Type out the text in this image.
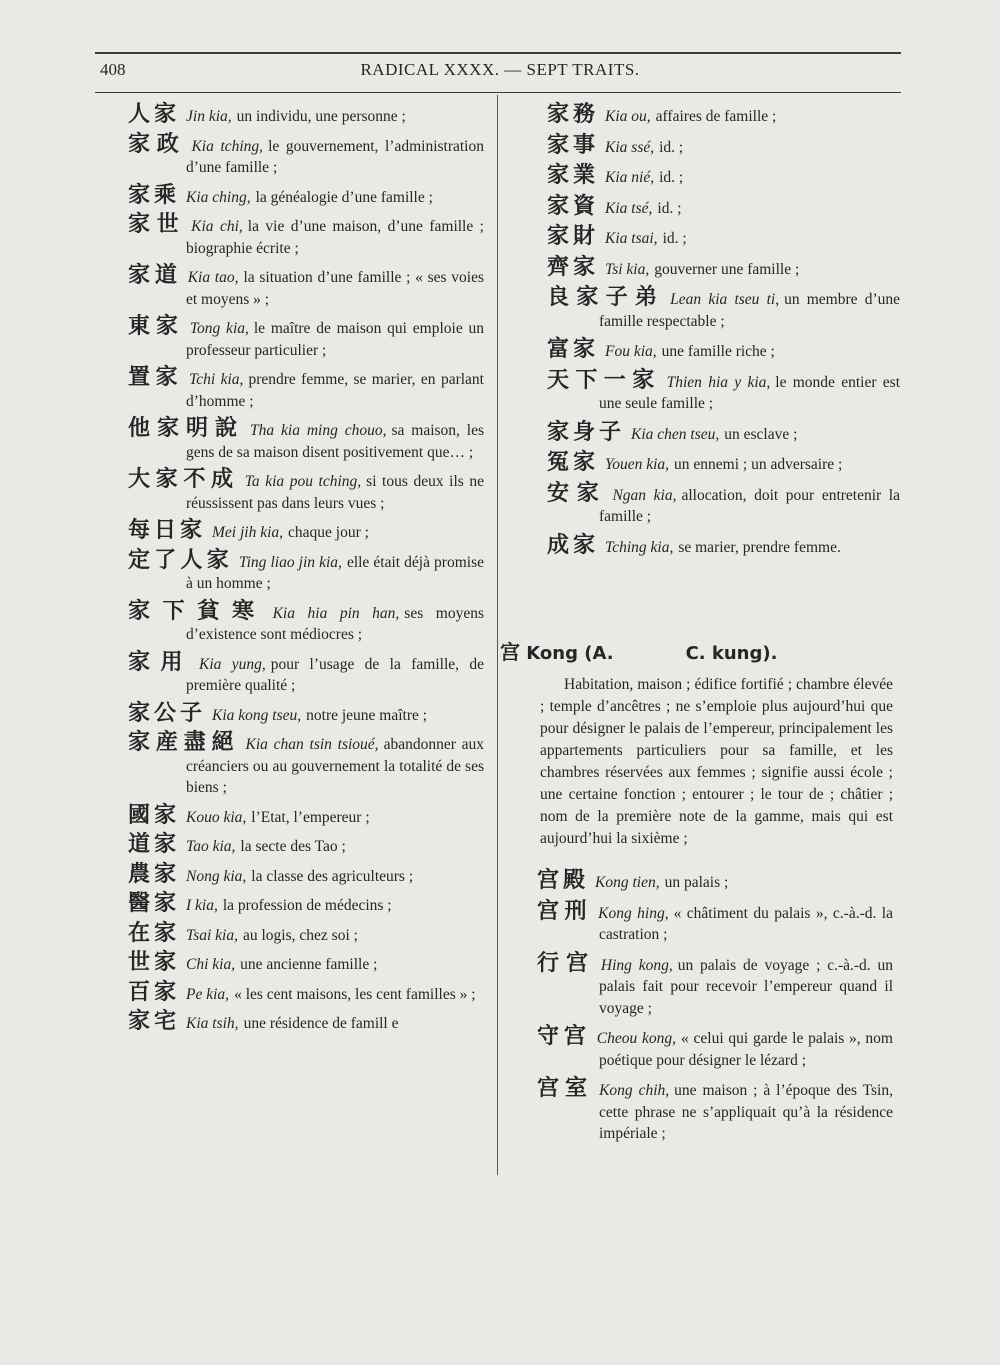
408	RADICAL XXXX. — SEPT TRAITS.
人家 Jin kia, un individu, une personne ;
家政 Kia tching, le gouvernement, l’administration d’une famille ;
家乘 Kia ching, la généalogie d’une famille ;
家世 Kia chi, la vie d’une maison, d’une famille ; biographie écrite ;
家道 Kia tao, la situation d’une famille ; « ses voies et moyens » ;
東家 Tong kia, le maître de maison qui emploie un professeur particulier ;
置家 Tchi kia, prendre femme, se marier, en parlant d’homme ;
他家明說 Tha kia ming chouo, sa maison, les gens de sa maison disent positivement que… ;
大家不成 Ta kia pou tching, si tous deux ils ne réussissent pas dans leurs vues ;
每日家 Mei jih kia, chaque jour ;
定了人家 Ting liao jin kia, elle était déjà promise à un homme ;
家下貧寒 Kia hia pin han, ses moyens d’existence sont médiocres ;
家用 Kia yung, pour l’usage de la famille, de première qualité ;
家公子 Kia kong tseu, notre jeune maître ;
家産盡絕 Kia chan tsin tsioué, abandonner aux créanciers ou au gouvernement la totalité de ses biens ;
國家 Kouo kia, l’Etat, l’empereur ;
道家 Tao kia, la secte des Tao ;
農家 Nong kia, la classe des agriculteurs ;
醫家 I kia, la profession de médecins ;
在家 Tsai kia, au logis, chez soi ;
世家 Chi kia, une ancienne famille ;
百家 Pe kia, « les cent maisons, les cent familles » ;
家宅 Kia tsih, une résidence de famill e
家務 Kia ou, affaires de famille ;
家事 Kia ssé, id. ;
家業 Kia nié, id. ;
家資 Kia tsé, id. ;
家財 Kia tsai, id. ;
齊家 Tsi kia, gouverner une famille ;
良家子弟 Lean kia tseu ti, un membre d’une famille respectable ;
富家 Fou kia, une famille riche ;
天下一家 Thien hia y kia, le monde entier est une seule famille ;
家身子 Kia chen tseu, un esclave ;
冤家 Youen kia, un ennemi ; un adversaire ;
安家 Ngan kia, allocation, doit pour entretenir la famille ;
成家 Tching kia, se marier, prendre femme.
宫 Kong (A.	C. kung).
Habitation, maison ; édifice fortifié ; chambre élevée ; temple d’ancêtres ; ne s’emploie plus aujourd’hui que pour désigner le palais de l’empereur, principalement les appartements particuliers pour sa famille, et les chambres réservées aux femmes ; signifie aussi école ; une certaine fonction ; entourer ; le tour de ; châtier ; nom de la première note de la gamme, mais qui est aujourd’hui la sixième ;
宫殿 Kong tien, un palais ;
宫刑 Kong hing, « châtiment du palais », c.-à.-d. la castration ;
行宫 Hing kong, un palais de voyage ; c.-à.-d. un palais fait pour recevoir l’empereur quand il voyage ;
守宫 Cheou kong, « celui qui garde le palais », nom poétique pour désigner le lézard ;
宫室 Kong chih, une maison ; à l’époque des Tsin, cette phrase ne s’appliquait qu’à la résidence impériale ;
